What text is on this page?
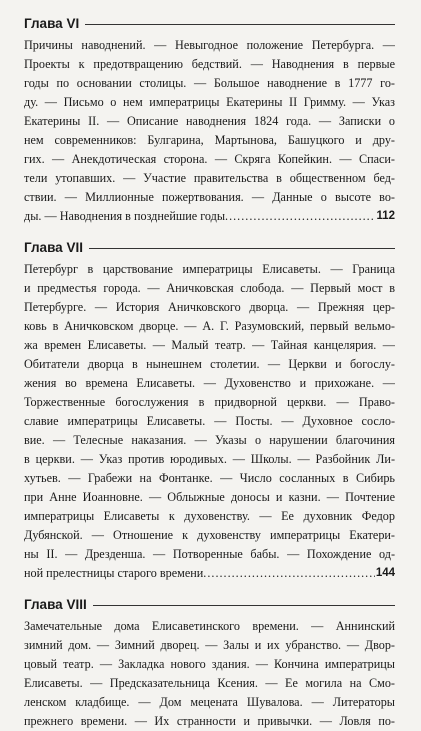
Глава VI
Причины наводнений. — Невыгодное положение Петербурга. —
Проекты к предотвращению бедствий. — Наводнения в первые
годы по основании столицы. — Большое наводнение в 1777 го-
ду. — Письмо о нем императрицы Екатерины II Гримму. — Указ
Екатерины II. — Описание наводнения 1824 года. — Записки о
нем современников: Булгарина, Мартынова, Башуцкого и дру-
гих. — Анекдотическая сторона. — Скряга Копейкин. — Спаси-
тели утопавших. — Участие правительства в общественном бед-
ствии. — Миллионные пожертвования. — Данные о высоте во-
ды. — Наводнения в позднейшие годы. .....	112
Глава VII
Петербург в царствование императрицы Елисаветы. — Граница
и предместья города. — Аничковская слобода. — Первый мост в
Петербурге. — История Аничковского дворца. — Прежняя цер-
ковь в Аничковском дворце. — А. Г. Разумовский, первый вельмо-
жа времен Елисаветы. — Малый театр. — Тайная канцелярия. —
Обитатели дворца в нынешнем столетии. — Церкви и богослу-
жения во времена Елисаветы. — Духовенство и прихожане. —
Торжественные богослужения в придворной церкви. — Право-
славие императрицы Елисаветы. — Посты. — Духовное сосло-
вие. — Телесные наказания. — Указы о нарушении благочиния
в церкви. — Указ против юродивых. — Школы. — Разбойник Ли-
хутьев. — Грабежи на Фонтанке. — Число сосланных в Сибирь
при Анне Иоанновне. — Облыжные доносы и казни. — Почтение
императрицы Елисаветы к духовенству. — Ее духовник Федор
Дубянской. — Отношение к духовенству императрицы Екатери-
ны II. — Дрезденша. — Потворенные бабы. — Похождение од-
ной прелестницы старого времени. .....	144
Глава VIII
Замечательные дома Елисаветинского времени. — Аннинский
зимний дом. — Зимний дворец. — Залы и их убранство. — Двор-
цовый театр. — Закладка нового здания. — Кончина императрицы
Елисаветы. — Предсказательница Ксения. — Ее могила на Смо-
ленском кладбище. — Дом мецената Шувалова. — Литераторы
прежнего времени. — Их странности и привычки. — Ловля по-
